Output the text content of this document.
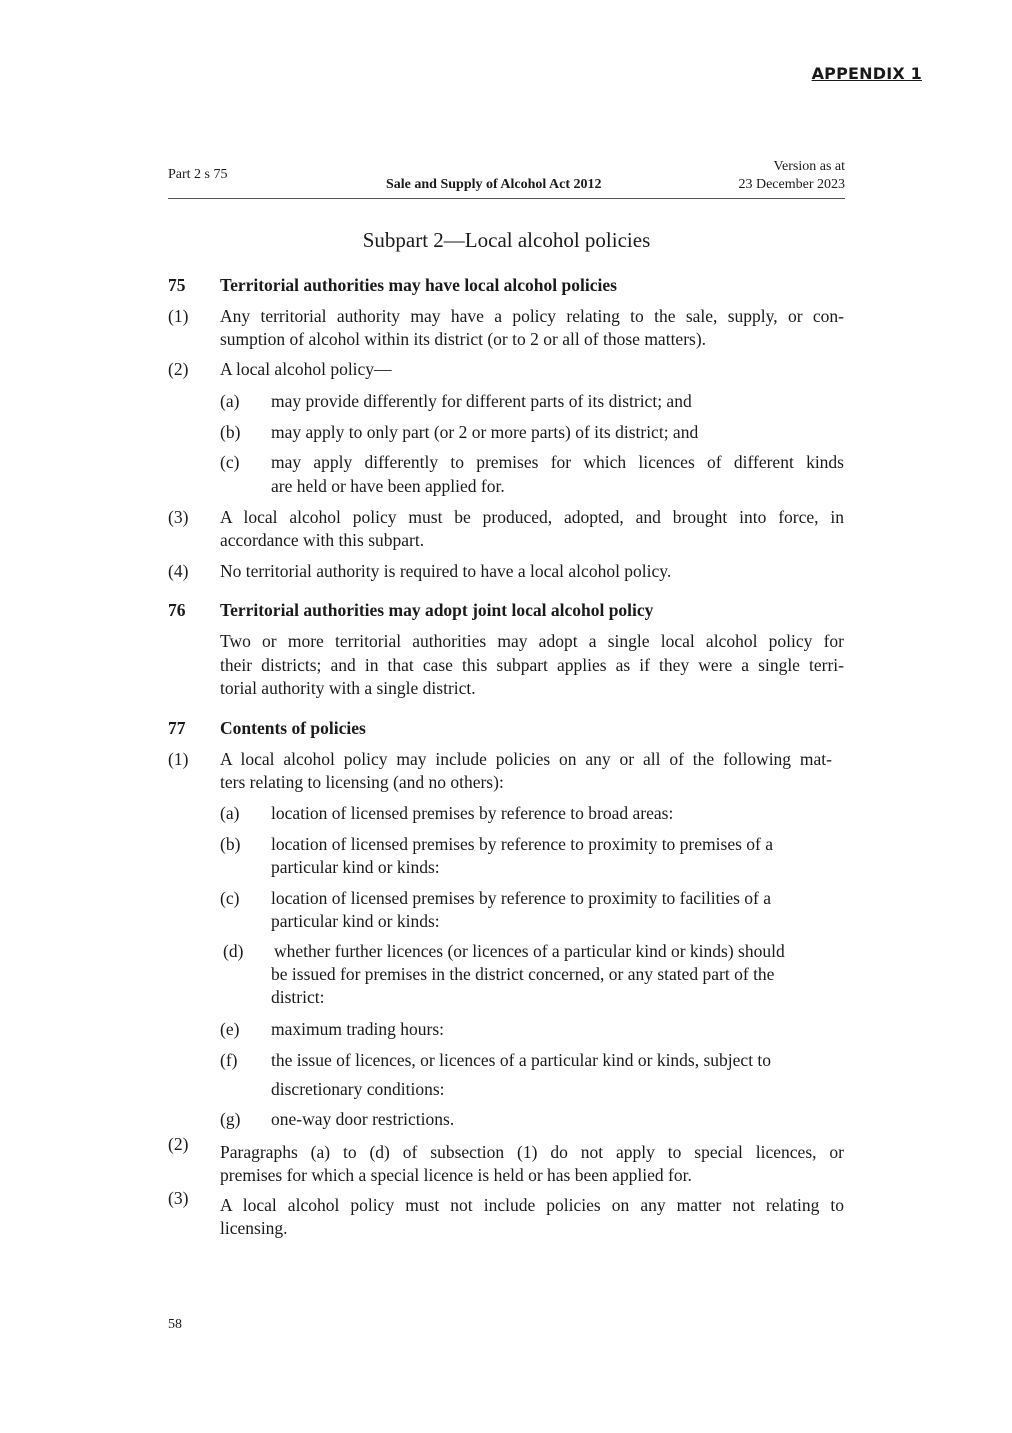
APPENDIX 1
Part 2 s 75
Sale and Supply of Alcohol Act 2012
Version as at
23 December 2023
Subpart 2—Local alcohol policies
75 Territorial authorities may have local alcohol policies
(1) Any territorial authority may have a policy relating to the sale, supply, or con-
sumption of alcohol within its district (or to 2 or all of those matters).
(2) A local alcohol policy—
(a) may provide differently for different parts of its district; and
(b) may apply to only part (or 2 or more parts) of its district; and
(c) may apply differently to premises for which licences of different kinds
are held or have been applied for.
(3) A local alcohol policy must be produced, adopted, and brought into force, in
accordance with this subpart.
(4) No territorial authority is required to have a local alcohol policy.
76 Territorial authorities may adopt joint local alcohol policy
Two or more territorial authorities may adopt a single local alcohol policy for
their districts; and in that case this subpart applies as if they were a single terri-
torial authority with a single district.
77 Contents of policies
(1) A local alcohol policy may include policies on any or all of the following mat-
ters relating to licensing (and no others):
(a) location of licensed premises by reference to broad areas:
(b) location of licensed premises by reference to proximity to premises of a
particular kind or kinds:
(c) location of licensed premises by reference to proximity to facilities of a
particular kind or kinds:
(d) whether further licences (or licences of a particular kind or kinds) should
be issued for premises in the district concerned, or any stated part of the
district:
(e) maximum trading hours:
(f) the issue of licences, or licences of a particular kind or kinds, subject to
discretionary conditions:
(g) one-way door restrictions.
(2) Paragraphs (a) to (d) of subsection (1) do not apply to special licences, or
premises for which a special licence is held or has been applied for.
(3) A local alcohol policy must not include policies on any matter not relating to
licensing.
58
